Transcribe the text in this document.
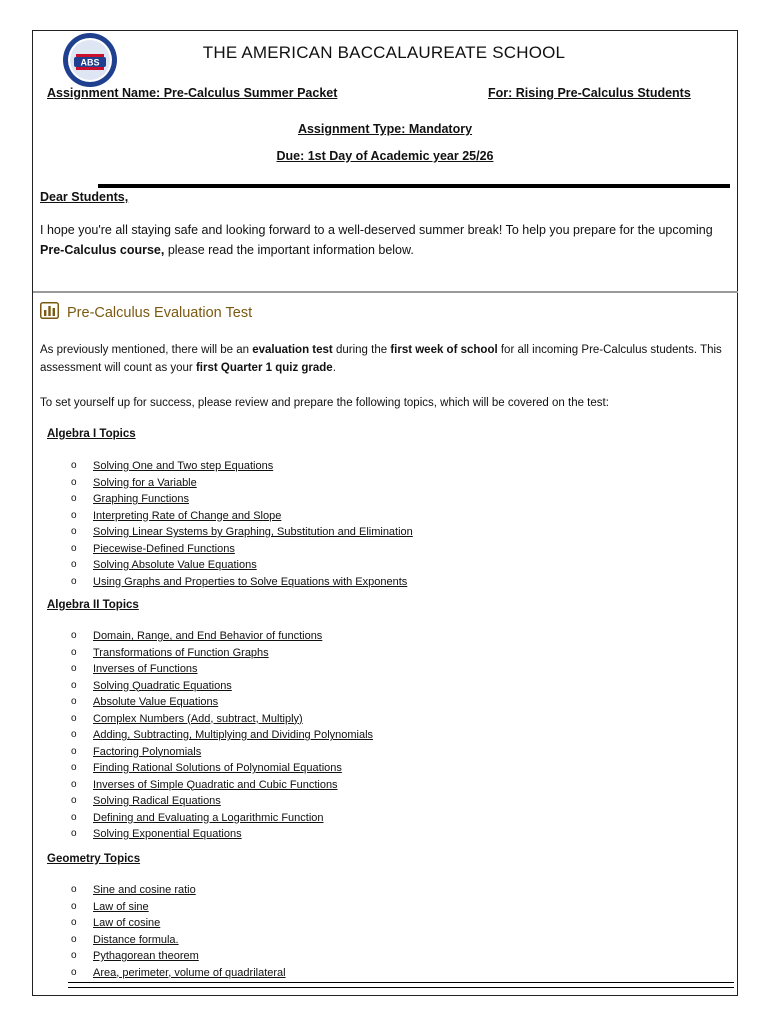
ABS
THE AMERICAN BACCALAUREATE SCHOOL
Assignment Name: Pre-Calculus Summer Packet	For: Rising Pre-Calculus Students
Assignment Type: Mandatory
Due: 1st Day of Academic year 25/26
Dear Students,
I hope you're all staying safe and looking forward to a well-deserved summer break! To help you prepare for the upcoming Pre-Calculus course, please read the important information below.
Pre-Calculus Evaluation Test
As previously mentioned, there will be an evaluation test during the first week of school for all incoming Pre-Calculus students. This assessment will count as your first Quarter 1 quiz grade.
To set yourself up for success, please review and prepare the following topics, which will be covered on the test:
Algebra I Topics
o Solving One and Two step Equations
o Solving for a Variable
o Graphing Functions
o Interpreting Rate of Change and Slope
o Solving Linear Systems by Graphing, Substitution and Elimination
o Piecewise-Defined Functions
o Solving Absolute Value Equations
o Using Graphs and Properties to Solve Equations with Exponents
Algebra II Topics
o Domain, Range, and End Behavior of functions
o Transformations of Function Graphs
o Inverses of Functions
o Solving Quadratic Equations
o Absolute Value Equations
o Complex Numbers (Add, subtract, Multiply)
o Adding, Subtracting, Multiplying and Dividing Polynomials
o Factoring Polynomials
o Finding Rational Solutions of Polynomial Equations
o Inverses of Simple Quadratic and Cubic Functions
o Solving Radical Equations
o Defining and Evaluating a Logarithmic Function
o Solving Exponential Equations
Geometry Topics
o Sine and cosine ratio
o Law of sine
o Law of cosine
o Distance formula.
o Pythagorean theorem
o Area, perimeter, volume of quadrilateral
